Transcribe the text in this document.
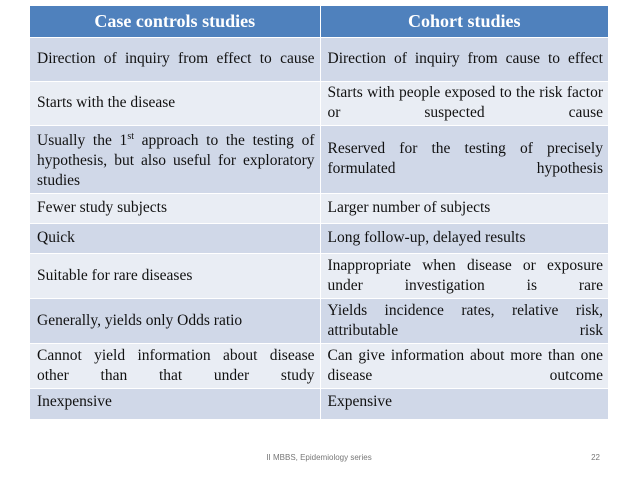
Case controls studies	Cohort studies
Direction of inquiry from effect to cause	Direction of inquiry from cause to effect
Starts with the disease	Starts with people exposed to the risk factor or suspected cause
Usually the 1st approach to the testing of hypothesis, but also useful for exploratory studies	Reserved for the testing of precisely formulated hypothesis
Fewer study subjects	Larger number of subjects
Quick	Long follow-up, delayed results
Suitable for rare diseases	Inappropriate when disease or exposure under investigation is rare
Generally, yields only Odds ratio	Yields incidence rates, relative risk, attributable risk
Cannot yield information about disease other than that under study	Can give information about more than one disease outcome
Inexpensive	Expensive
II MBBS, Epidemiology series	22
